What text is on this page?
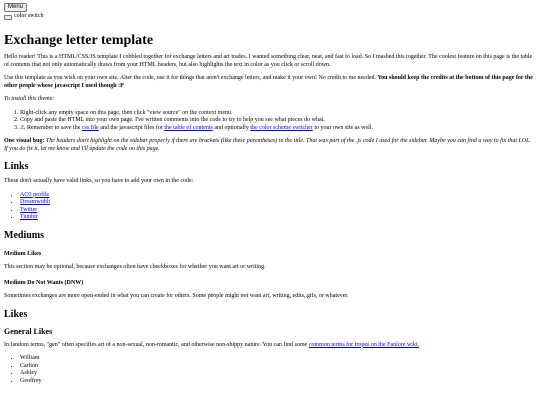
Menu
color switch
Exchange letter template

Hello reader! This is a HTML/CSS/JS template I cobbled together for exchange letters and art trades. I wanted something clear, neat, and fast to load. So I mashed this together. The coolest feature on this page is the table of contents that not only automatically draws from your HTML headers, but also highlights the text in color as you click or scroll down.

Use this template as you wish on your own site. Alter the code, use it for things that aren't exchange letters, and make it your own! No credit to me needed. You should keep the credits at the bottom of this page for the other people whose javascript I used though :P

To install this theme:

1. Right-click any empty space on this page, then click "view source" on the context menu.
2. Copy and paste the HTML into your own page. I've written comments into the code to try to help you see what pieces do what.
3. ⚠ Remember to save the css file and the javascript files for the table of contents and optionally the color scheme switcher to your own site as well.

One visual bug: The headers don't highlight on the sidebar properly if there are brackets (like these parentheses) in the title. That was part of the .js code I used for the sidebar. Maybe you can find a way to fix that LOL. If you do fix it, let me know and I'll update the code on this page.

Links

These don't actually have valid links, so you have to add your own in the code:

• AO3 profile
• Dreamwidth
• Twitter
• Tumblr
Mediums
Medium Likes

This section may be optional, because exchanges often have checkboxes for whether you want art or writing.

Medium Do Not Wants (DNW)

Sometimes exchanges are more open-ended in what you can create for others. Some people might not want art, writing, edits, gifs, or whatever.

Likes
General Likes

In fandom terms, "gen" often specifies art of a non-sexual, non-romantic, and otherwise non-shippy nature. You can find some common terms for tropes on the Fanlore wiki.

• William
• Carlton
• Ashley
• Geoffrey
